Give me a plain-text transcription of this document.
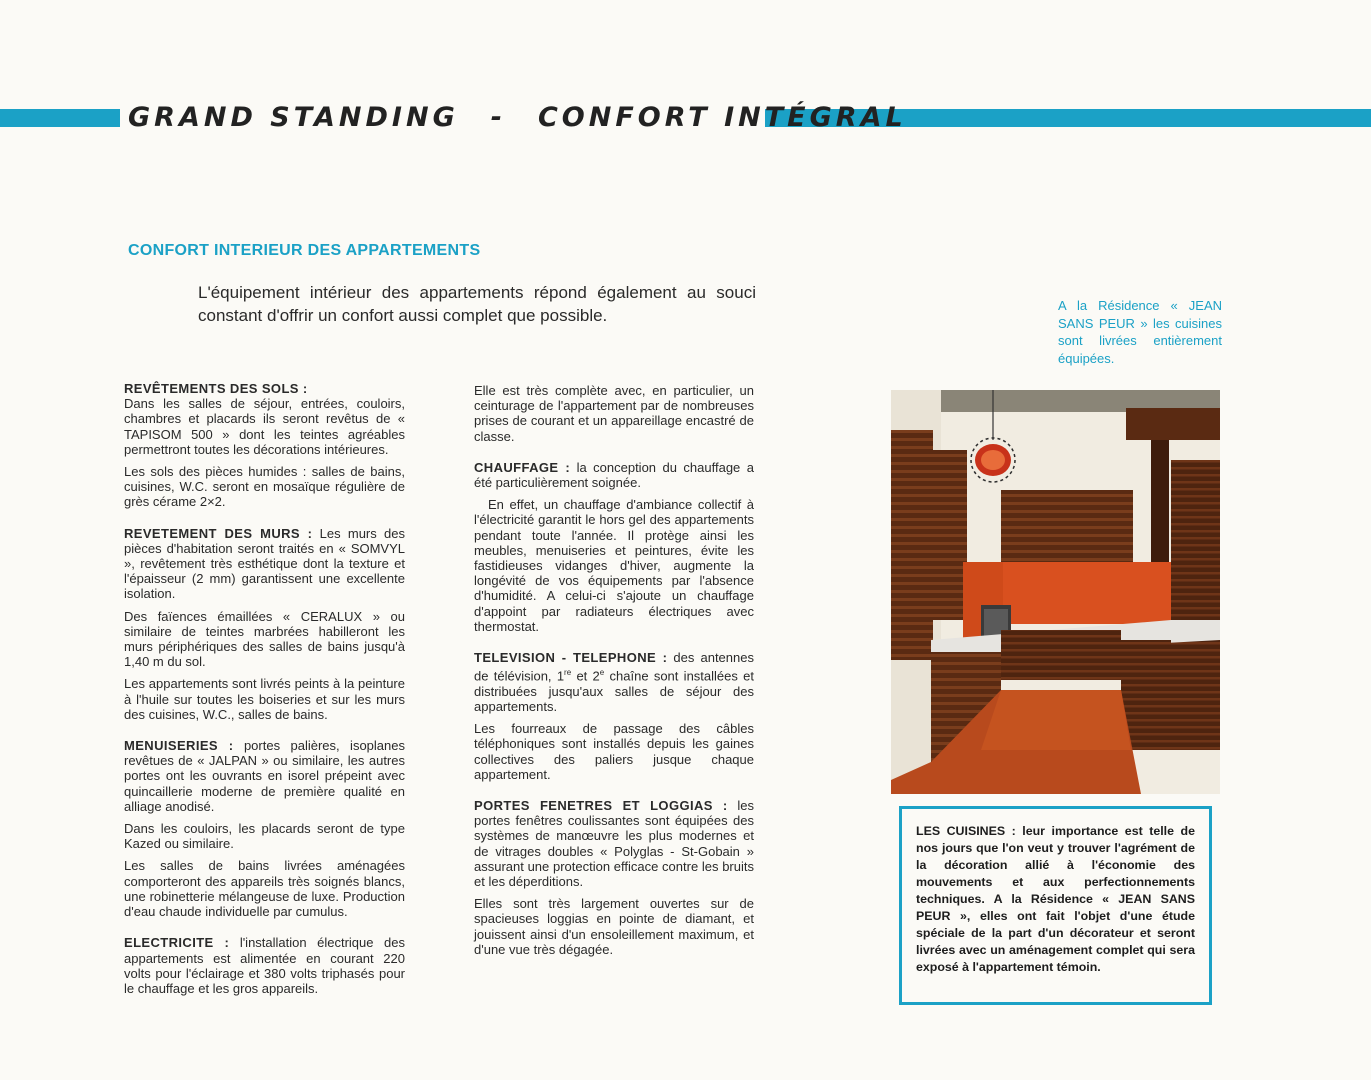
GRAND STANDING - CONFORT INTÉGRAL
CONFORT INTERIEUR DES APPARTEMENTS
L'équipement intérieur des appartements répond également au souci constant d'offrir un confort aussi complet que possible.
REVÊTEMENTS DES SOLS :

Dans les salles de séjour, entrées, couloirs, chambres et placards ils seront revêtus de « TAPISOM 500 » dont les teintes agréables permettront toutes les décorations intérieures.

Les sols des pièces humides : salles de bains, cuisines, W.C. seront en mosaïque régulière de grès cérame 2×2.

REVETEMENT DES MURS : Les murs des pièces d'habitation seront traités en « SOMVYL », revêtement très esthétique dont la texture et l'épaisseur (2 mm) garantissent une excellente isolation.

Des faïences émaillées « CERALUX » ou similaire de teintes marbrées habilleront les murs périphériques des salles de bains jusqu'à 1,40 m du sol.

Les appartements sont livrés peints à la peinture à l'huile sur toutes les boiseries et sur les murs des cuisines, W.C., salles de bains.

MENUISERIES : portes palières, isoplanes revêtues de « JALPAN » ou similaire, les autres portes ont les ouvrants en isorel prépeint avec quincaillerie moderne de première qualité en alliage anodisé.

Dans les couloirs, les placards seront de type Kazed ou similaire.

Les salles de bains livrées aménagées comporteront des appareils très soignés blancs, une robinetterie mélangeuse de luxe. Production d'eau chaude individuelle par cumulus.

ELECTRICITE : l'installation électrique des appartements est alimentée en courant 220 volts pour l'éclairage et 380 volts triphasés pour le chauffage et les gros appareils.

Elle est très complète avec, en particulier, un ceinturage de l'appartement par de nombreuses prises de courant et un appareillage encastré de classe.

CHAUFFAGE : la conception du chauffage a été particulièrement soignée.

En effet, un chauffage d'ambiance collectif à l'électricité garantit le hors gel des appartements pendant toute l'année. Il protège ainsi les meubles, menuiseries et peintures, évite les fastidieuses vidanges d'hiver, augmente la longévité de vos équipements par l'absence d'humidité. A celui-ci s'ajoute un chauffage d'appoint par radiateurs électriques avec thermostat.

TELEVISION - TELEPHONE : des antennes de télévision, 1re et 2e chaîne sont installées et distribuées jusqu'aux salles de séjour des appartements.

Les fourreaux de passage des câbles téléphoniques sont installés depuis les gaines collectives des paliers jusque chaque appartement.

PORTES FENETRES ET LOGGIAS : les portes fenêtres coulissantes sont équipées des systèmes de manœuvre les plus modernes et de vitrages doubles « Polyglas - St-Gobain » assurant une protection efficace contre les bruits et les déperditions.

Elles sont très largement ouvertes sur de spacieuses loggias en pointe de diamant, et jouissent ainsi d'un ensoleillement maximum, et d'une vue très dégagée.

A la Résidence « JEAN SANS PEUR » les cuisines sont livrées entièrement équipées.
LES CUISINES : leur importance est telle de nos jours que l'on veut y trouver l'agrément de la décoration allié à l'économie des mouvements et aux perfectionnements techniques. A la Résidence « JEAN SANS PEUR », elles ont fait l'objet d'une étude spéciale de la part d'un décorateur et seront livrées avec un aménagement complet qui sera exposé à l'appartement témoin.
